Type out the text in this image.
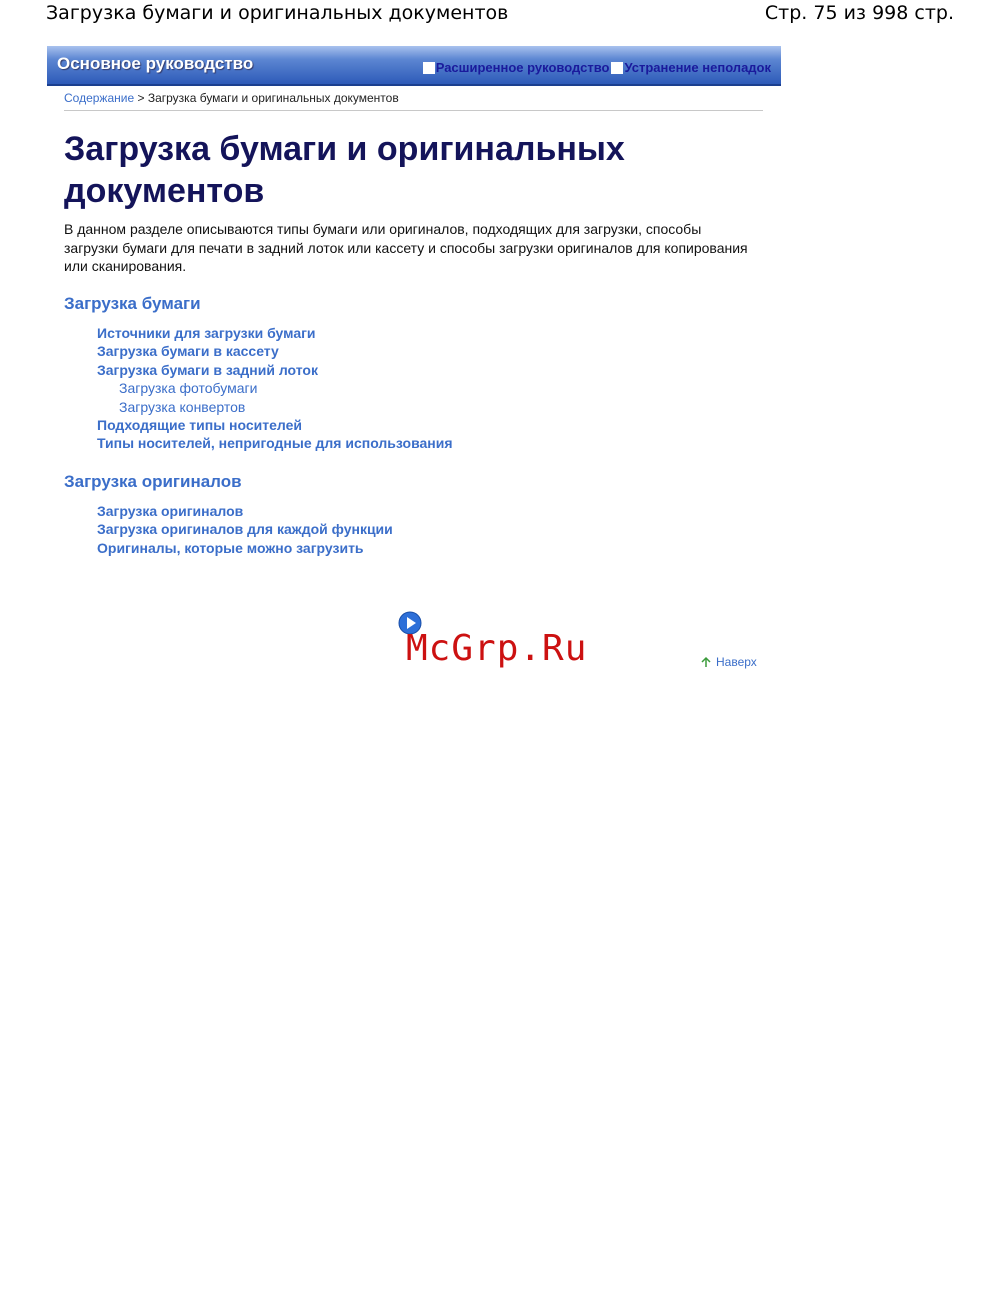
Загрузка бумаги и оригинальных документов	Стр. 75 из 998 стр.
Основное руководство	Расширенное руководство Устранение неполадок
Содержание > Загрузка бумаги и оригинальных документов
Загрузка бумаги и оригинальных документов

В данном разделе описываются типы бумаги или оригиналов, подходящих для загрузки, способы загрузки бумаги для печати в задний лоток или кассету и способы загрузки оригиналов для копирования или сканирования.

Загрузка бумаги
Источники для загрузки бумаги
Загрузка бумаги в кассету
Загрузка бумаги в задний лоток
Загрузка фотобумаги
Загрузка конвертов
Подходящие типы носителей
Типы носителей, непригодные для использования
Загрузка оригиналов
Загрузка оригиналов
Загрузка оригиналов для каждой функции
Оригиналы, которые можно загрузить
McGrp.Ru	Наверх
